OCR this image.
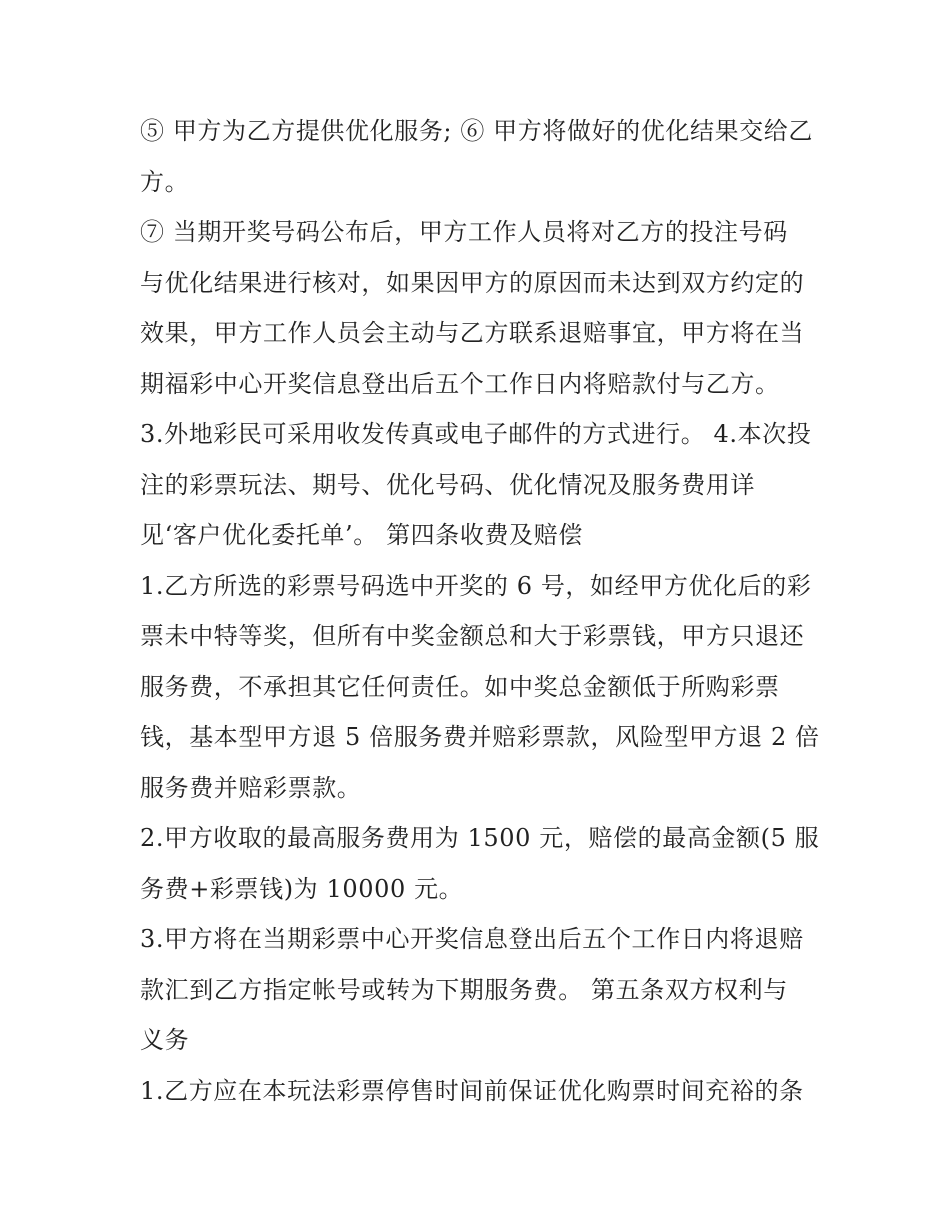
⑤ 甲方为乙方提供优化服务; ⑥ 甲方将做好的优化结果交给乙
方。
⑦ 当期开奖号码公布后，甲方工作人员将对乙方的投注号码
与优化结果进行核对，如果因甲方的原因而未达到双方约定的
效果，甲方工作人员会主动与乙方联系退赔事宜，甲方将在当
期福彩中心开奖信息登出后五个工作日内将赔款付与乙方。
3.外地彩民可采用收发传真或电子邮件的方式进行。 4.本次投
注的彩票玩法、期号、优化号码、优化情况及服务费用详
见‘客户优化委托单’。 第四条收费及赔偿
1.乙方所选的彩票号码选中开奖的 6 号，如经甲方优化后的彩
票未中特等奖，但所有中奖金额总和大于彩票钱，甲方只退还
服务费，不承担其它任何责任。如中奖总金额低于所购彩票
钱，基本型甲方退 5 倍服务费并赔彩票款，风险型甲方退 2 倍
服务费并赔彩票款。
2.甲方收取的最高服务费用为 1500 元，赔偿的最高金额(5 服
务费+彩票钱)为 10000 元。
3.甲方将在当期彩票中心开奖信息登出后五个工作日内将退赔
款汇到乙方指定帐号或转为下期服务费。 第五条双方权利与
义务
1.乙方应在本玩法彩票停售时间前保证优化购票时间充裕的条
